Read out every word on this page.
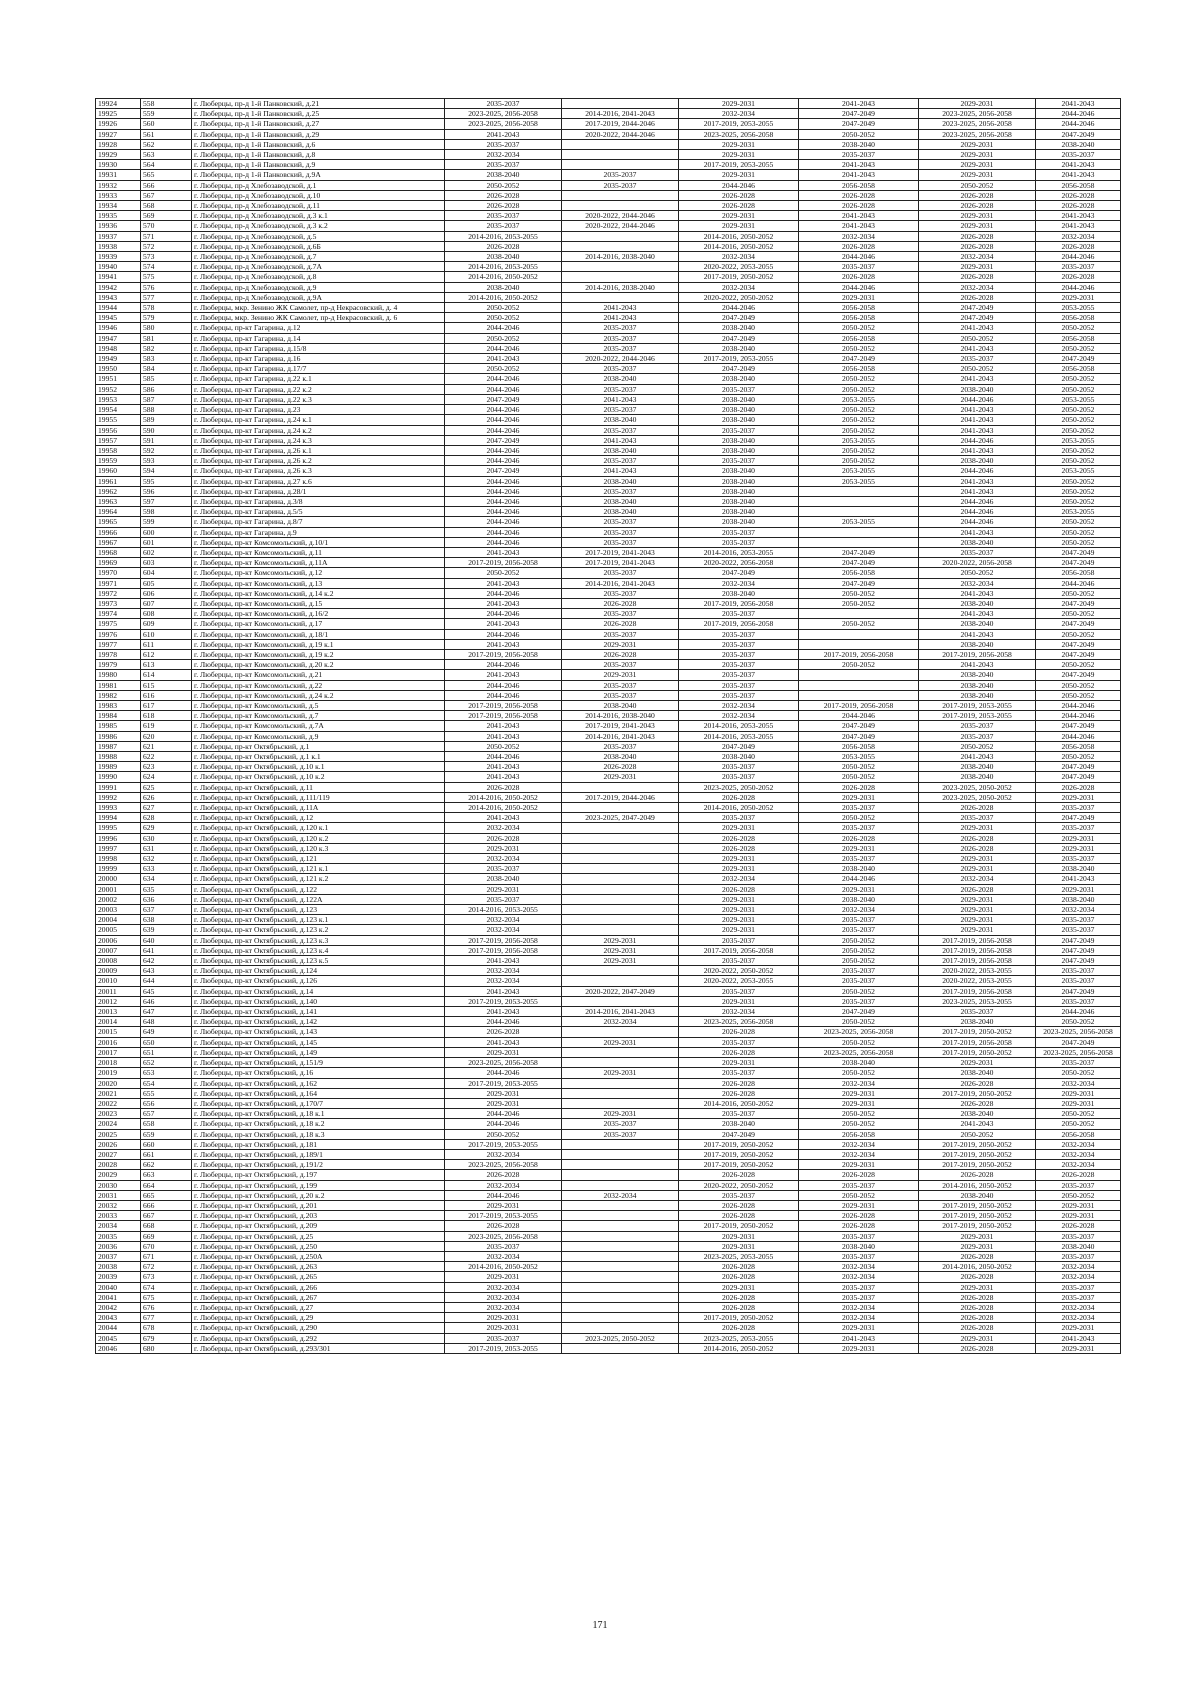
19924	558	г. Люберцы, пр-д 1-й Панковский, д.21	2035-2037		2029-2031	2041-2043	2029-2031	2041-2043
19925	559	г. Люберцы, пр-д 1-й Панковский, д.25	2023-2025, 2056-2058	2014-2016, 2041-2043	2032-2034	2047-2049	2023-2025, 2056-2058	2044-2046
19926	560	г. Люберцы, пр-д 1-й Панковский, д.27	2023-2025, 2056-2058	2017-2019, 2044-2046	2017-2019, 2053-2055	2047-2049	2023-2025, 2056-2058	2044-2046
19927	561	г. Люберцы, пр-д 1-й Панковский, д.29	2041-2043	2020-2022, 2044-2046	2023-2025, 2056-2058	2050-2052	2023-2025, 2056-2058	2047-2049
19928	562	г. Люберцы, пр-д 1-й Панковский, д.6	2035-2037		2029-2031	2038-2040	2029-2031	2038-2040
19929	563	г. Люберцы, пр-д 1-й Панковский, д.8	2032-2034		2029-2031	2035-2037	2029-2031	2035-2037
19930	564	г. Люберцы, пр-д 1-й Панковский, д.9	2035-2037		2017-2019, 2053-2055	2041-2043	2029-2031	2041-2043
19931	565	г. Люберцы, пр-д 1-й Панковский, д.9А	2038-2040	2035-2037	2029-2031	2041-2043	2029-2031	2041-2043
19932	566	г. Люберцы, пр-д Хлебозаводской, д.1	2050-2052	2035-2037	2044-2046	2056-2058	2050-2052	2056-2058
19933	567	г. Люберцы, пр-д Хлебозаводской, д.10	2026-2028		2026-2028	2026-2028	2026-2028	2026-2028
19934	568	г. Люберцы, пр-д Хлебозаводской, д.11	2026-2028		2026-2028	2026-2028	2026-2028	2026-2028
19935	569	г. Люберцы, пр-д Хлебозаводской, д.3 к.1	2035-2037	2020-2022, 2044-2046	2029-2031	2041-2043	2029-2031	2041-2043
19936	570	г. Люберцы, пр-д Хлебозаводской, д.3 к.2	2035-2037	2020-2022, 2044-2046	2029-2031	2041-2043	2029-2031	2041-2043
19937	571	г. Люберцы, пр-д Хлебозаводской, д.5	2014-2016, 2053-2055		2014-2016, 2050-2052	2032-2034	2026-2028	2032-2034
19938	572	г. Люберцы, пр-д Хлебозаводской, д.6Б	2026-2028		2014-2016, 2050-2052	2026-2028	2026-2028	2026-2028
19939	573	г. Люберцы, пр-д Хлебозаводской, д.7	2038-2040	2014-2016, 2038-2040	2032-2034	2044-2046	2032-2034	2044-2046
19940	574	г. Люберцы, пр-д Хлебозаводской, д.7А	2014-2016, 2053-2055		2020-2022, 2053-2055	2035-2037	2029-2031	2035-2037
19941	575	г. Люберцы, пр-д Хлебозаводской, д.8	2014-2016, 2050-2052		2017-2019, 2050-2052	2026-2028	2026-2028	2026-2028
19942	576	г. Люберцы, пр-д Хлебозаводской, д.9	2038-2040	2014-2016, 2038-2040	2032-2034	2044-2046	2032-2034	2044-2046
19943	577	г. Люберцы, пр-д Хлебозаводской, д.9А	2014-2016, 2050-2052		2020-2022, 2050-2052	2029-2031	2026-2028	2029-2031
19944	578	г. Люберцы, мкр. Зенино ЖК Самолет, пр-д Некрасовский, д. 4	2050-2052	2041-2043	2044-2046	2056-2058	2047-2049	2053-2055
19945	579	г. Люберцы, мкр. Зенино ЖК Самолет, пр-д Некрасовский, д. 6	2050-2052	2041-2043	2047-2049	2056-2058	2047-2049	2056-2058
19946	580	г. Люберцы, пр-кт Гагарина, д.12	2044-2046	2035-2037	2038-2040	2050-2052	2041-2043	2050-2052
19947	581	г. Люберцы, пр-кт Гагарина, д.14	2050-2052	2035-2037	2047-2049	2056-2058	2050-2052	2056-2058
19948	582	г. Люберцы, пр-кт Гагарина, д.15/8	2044-2046	2035-2037	2038-2040	2050-2052	2041-2043	2050-2052
19949	583	г. Люберцы, пр-кт Гагарина, д.16	2041-2043	2020-2022, 2044-2046	2017-2019, 2053-2055	2047-2049	2035-2037	2047-2049
19950	584	г. Люберцы, пр-кт Гагарина, д.17/7	2050-2052	2035-2037	2047-2049	2056-2058	2050-2052	2056-2058
19951	585	г. Люберцы, пр-кт Гагарина, д.22 к.1	2044-2046	2038-2040	2038-2040	2050-2052	2041-2043	2050-2052
19952	586	г. Люберцы, пр-кт Гагарина, д.22 к.2	2044-2046	2035-2037	2035-2037	2050-2052	2038-2040	2050-2052
19953	587	г. Люберцы, пр-кт Гагарина, д.22 к.3	2047-2049	2041-2043	2038-2040	2053-2055	2044-2046	2053-2055
19954	588	г. Люберцы, пр-кт Гагарина, д.23	2044-2046	2035-2037	2038-2040	2050-2052	2041-2043	2050-2052
19955	589	г. Люберцы, пр-кт Гагарина, д.24 к.1	2044-2046	2038-2040	2038-2040	2050-2052	2041-2043	2050-2052
19956	590	г. Люберцы, пр-кт Гагарина, д.24 к.2	2044-2046	2035-2037	2035-2037	2050-2052	2041-2043	2050-2052
19957	591	г. Люберцы, пр-кт Гагарина, д.24 к.3	2047-2049	2041-2043	2038-2040	2053-2055	2044-2046	2053-2055
19958	592	г. Люберцы, пр-кт Гагарина, д.26 к.1	2044-2046	2038-2040	2038-2040	2050-2052	2041-2043	2050-2052
19959	593	г. Люберцы, пр-кт Гагарина, д.26 к.2	2044-2046	2035-2037	2035-2037	2050-2052	2038-2040	2050-2052
19960	594	г. Люберцы, пр-кт Гагарина, д.26 к.3	2047-2049	2041-2043	2038-2040	2053-2055	2044-2046	2053-2055
19961	595	г. Люберцы, пр-кт Гагарина, д.27 к.6	2044-2046	2038-2040	2038-2040	2053-2055	2041-2043	2050-2052
19962	596	г. Люберцы, пр-кт Гагарина, д.28/1	2044-2046	2035-2037	2038-2040		2041-2043	2050-2052
19963	597	г. Люберцы, пр-кт Гагарина, д.3/8	2044-2046	2038-2040	2038-2040		2044-2046	2050-2052
19964	598	г. Люберцы, пр-кт Гагарина, д.5/5	2044-2046	2038-2040	2038-2040		2044-2046	2053-2055
19965	599	г. Люберцы, пр-кт Гагарина, д.8/7	2044-2046	2035-2037	2038-2040	2053-2055	2044-2046	2050-2052
19966	600	г. Люберцы, пр-кт Гагарина, д.9	2044-2046	2035-2037	2035-2037		2041-2043	2050-2052
19967	601	г. Люберцы, пр-кт Комсомольский, д.10/1	2044-2046	2035-2037	2035-2037		2038-2040	2050-2052
19968	602	г. Люберцы, пр-кт Комсомольский, д.11	2041-2043	2017-2019, 2041-2043	2014-2016, 2053-2055	2047-2049	2035-2037	2047-2049
19969	603	г. Люберцы, пр-кт Комсомольский, д.11А	2017-2019, 2056-2058	2017-2019, 2041-2043	2020-2022, 2056-2058	2047-2049	2020-2022, 2056-2058	2047-2049
19970	604	г. Люберцы, пр-кт Комсомольский, д.12	2050-2052	2035-2037	2047-2049	2056-2058	2050-2052	2056-2058
19971	605	г. Люберцы, пр-кт Комсомольский, д.13	2041-2043	2014-2016, 2041-2043	2032-2034	2047-2049	2032-2034	2044-2046
19972	606	г. Люберцы, пр-кт Комсомольский, д.14 к.2	2044-2046	2035-2037	2038-2040	2050-2052	2041-2043	2050-2052
19973	607	г. Люберцы, пр-кт Комсомольский, д.15	2041-2043	2026-2028	2017-2019, 2056-2058	2050-2052	2038-2040	2047-2049
19974	608	г. Люберцы, пр-кт Комсомольский, д.16/2	2044-2046	2035-2037	2035-2037		2041-2043	2050-2052
19975	609	г. Люберцы, пр-кт Комсомольский, д.17	2041-2043	2026-2028	2017-2019, 2056-2058	2050-2052	2038-2040	2047-2049
19976	610	г. Люберцы, пр-кт Комсомольский, д.18/1	2044-2046	2035-2037	2035-2037		2041-2043	2050-2052
19977	611	г. Люберцы, пр-кт Комсомольский, д.19 к.1	2041-2043	2029-2031	2035-2037		2038-2040	2047-2049
19978	612	г. Люберцы, пр-кт Комсомольский, д.19 к.2	2017-2019, 2056-2058	2026-2028	2035-2037	2017-2019, 2056-2058	2017-2019, 2056-2058	2047-2049
19979	613	г. Люберцы, пр-кт Комсомольский, д.20 к.2	2044-2046	2035-2037	2035-2037	2050-2052	2041-2043	2050-2052
19980	614	г. Люберцы, пр-кт Комсомольский, д.21	2041-2043	2029-2031	2035-2037		2038-2040	2047-2049
19981	615	г. Люберцы, пр-кт Комсомольский, д.22	2044-2046	2035-2037	2035-2037		2038-2040	2050-2052
19982	616	г. Люберцы, пр-кт Комсомольский, д.24 к.2	2044-2046	2035-2037	2035-2037		2038-2040	2050-2052
19983	617	г. Люберцы, пр-кт Комсомольский, д.5	2017-2019, 2056-2058	2038-2040	2032-2034	2017-2019, 2056-2058	2017-2019, 2053-2055	2044-2046
19984	618	г. Люберцы, пр-кт Комсомольский, д.7	2017-2019, 2056-2058	2014-2016, 2038-2040	2032-2034	2044-2046	2017-2019, 2053-2055	2044-2046
19985	619	г. Люберцы, пр-кт Комсомольский, д.7А	2041-2043	2017-2019, 2041-2043	2014-2016, 2053-2055	2047-2049	2035-2037	2047-2049
19986	620	г. Люберцы, пр-кт Комсомольский, д.9	2041-2043	2014-2016, 2041-2043	2014-2016, 2053-2055	2047-2049	2035-2037	2044-2046
19987	621	г. Люберцы, пр-кт Октябрьский, д.1	2050-2052	2035-2037	2047-2049	2056-2058	2050-2052	2056-2058
19988	622	г. Люберцы, пр-кт Октябрьский, д.1 к.1	2044-2046	2038-2040	2038-2040	2053-2055	2041-2043	2050-2052
19989	623	г. Люберцы, пр-кт Октябрьский, д.10 к.1	2041-2043	2026-2028	2035-2037	2050-2052	2038-2040	2047-2049
19990	624	г. Люберцы, пр-кт Октябрьский, д.10 к.2	2041-2043	2029-2031	2035-2037	2050-2052	2038-2040	2047-2049
19991	625	г. Люберцы, пр-кт Октябрьский, д.11	2026-2028		2023-2025, 2050-2052	2026-2028	2023-2025, 2050-2052	2026-2028
19992	626	г. Люберцы, пр-кт Октябрьский, д.111/119	2014-2016, 2050-2052	2017-2019, 2044-2046	2026-2028	2029-2031	2023-2025, 2050-2052	2029-2031
19993	627	г. Люберцы, пр-кт Октябрьский, д.11А	2014-2016, 2050-2052		2014-2016, 2050-2052	2035-2037	2026-2028	2035-2037
19994	628	г. Люберцы, пр-кт Октябрьский, д.12	2041-2043	2023-2025, 2047-2049	2035-2037	2050-2052	2035-2037	2047-2049
19995	629	г. Люберцы, пр-кт Октябрьский, д.120 к.1	2032-2034		2029-2031	2035-2037	2029-2031	2035-2037
19996	630	г. Люберцы, пр-кт Октябрьский, д.120 к.2	2026-2028		2026-2028	2026-2028	2026-2028	2029-2031
19997	631	г. Люберцы, пр-кт Октябрьский, д.120 к.3	2029-2031		2026-2028	2029-2031	2026-2028	2029-2031
19998	632	г. Люберцы, пр-кт Октябрьский, д.121	2032-2034		2029-2031	2035-2037	2029-2031	2035-2037
19999	633	г. Люберцы, пр-кт Октябрьский, д.121 к.1	2035-2037		2029-2031	2038-2040	2029-2031	2038-2040
20000	634	г. Люберцы, пр-кт Октябрьский, д.121 к.2	2038-2040		2032-2034	2044-2046	2032-2034	2041-2043
20001	635	г. Люберцы, пр-кт Октябрьский, д.122	2029-2031		2026-2028	2029-2031	2026-2028	2029-2031
20002	636	г. Люберцы, пр-кт Октябрьский, д.122А	2035-2037		2029-2031	2038-2040	2029-2031	2038-2040
20003	637	г. Люберцы, пр-кт Октябрьский, д.123	2014-2016, 2053-2055		2029-2031	2032-2034	2029-2031	2032-2034
20004	638	г. Люберцы, пр-кт Октябрьский, д.123 к.1	2032-2034		2029-2031	2035-2037	2029-2031	2035-2037
20005	639	г. Люберцы, пр-кт Октябрьский, д.123 к.2	2032-2034		2029-2031	2035-2037	2029-2031	2035-2037
20006	640	г. Люберцы, пр-кт Октябрьский, д.123 к.3	2017-2019, 2056-2058	2029-2031	2035-2037	2050-2052	2017-2019, 2056-2058	2047-2049
20007	641	г. Люберцы, пр-кт Октябрьский, д.123 к.4	2017-2019, 2056-2058	2029-2031	2017-2019, 2056-2058	2050-2052	2017-2019, 2056-2058	2047-2049
20008	642	г. Люберцы, пр-кт Октябрьский, д.123 к.5	2041-2043	2029-2031	2035-2037	2050-2052	2017-2019, 2056-2058	2047-2049
20009	643	г. Люберцы, пр-кт Октябрьский, д.124	2032-2034		2020-2022, 2050-2052	2035-2037	2020-2022, 2053-2055	2035-2037
20010	644	г. Люберцы, пр-кт Октябрьский, д.126	2032-2034		2020-2022, 2053-2055	2035-2037	2020-2022, 2053-2055	2035-2037
20011	645	г. Люберцы, пр-кт Октябрьский, д.14	2041-2043	2020-2022, 2047-2049	2035-2037	2050-2052	2017-2019, 2056-2058	2047-2049
20012	646	г. Люберцы, пр-кт Октябрьский, д.140	2017-2019, 2053-2055		2029-2031	2035-2037	2023-2025, 2053-2055	2035-2037
20013	647	г. Люберцы, пр-кт Октябрьский, д.141	2041-2043	2014-2016, 2041-2043	2032-2034	2047-2049	2035-2037	2044-2046
20014	648	г. Люберцы, пр-кт Октябрьский, д.142	2044-2046	2032-2034	2023-2025, 2056-2058	2050-2052	2038-2040	2050-2052
20015	649	г. Люберцы, пр-кт Октябрьский, д.143	2026-2028		2026-2028	2023-2025, 2056-2058	2017-2019, 2050-2052	2023-2025, 2056-2058
20016	650	г. Люберцы, пр-кт Октябрьский, д.145	2041-2043	2029-2031	2035-2037	2050-2052	2017-2019, 2056-2058	2047-2049
20017	651	г. Люберцы, пр-кт Октябрьский, д.149	2029-2031		2026-2028	2023-2025, 2056-2058	2017-2019, 2050-2052	2023-2025, 2056-2058
20018	652	г. Люберцы, пр-кт Октябрьский, д.151/9	2023-2025, 2056-2058		2029-2031	2038-2040	2029-2031	2035-2037
20019	653	г. Люберцы, пр-кт Октябрьский, д.16	2044-2046	2029-2031	2035-2037	2050-2052	2038-2040	2050-2052
20020	654	г. Люберцы, пр-кт Октябрьский, д.162	2017-2019, 2053-2055		2026-2028	2032-2034	2026-2028	2032-2034
20021	655	г. Люберцы, пр-кт Октябрьский, д.164	2029-2031		2026-2028	2029-2031	2017-2019, 2050-2052	2029-2031
20022	656	г. Люберцы, пр-кт Октябрьский, д.170/7	2029-2031		2014-2016, 2050-2052	2029-2031	2026-2028	2029-2031
20023	657	г. Люберцы, пр-кт Октябрьский, д.18 к.1	2044-2046	2029-2031	2035-2037	2050-2052	2038-2040	2050-2052
20024	658	г. Люберцы, пр-кт Октябрьский, д.18 к.2	2044-2046	2035-2037	2038-2040	2050-2052	2041-2043	2050-2052
20025	659	г. Люберцы, пр-кт Октябрьский, д.18 к.3	2050-2052	2035-2037	2047-2049	2056-2058	2050-2052	2056-2058
20026	660	г. Люберцы, пр-кт Октябрьский, д.181	2017-2019, 2053-2055		2017-2019, 2050-2052	2032-2034	2017-2019, 2050-2052	2032-2034
20027	661	г. Люберцы, пр-кт Октябрьский, д.189/1	2032-2034		2017-2019, 2050-2052	2032-2034	2017-2019, 2050-2052	2032-2034
20028	662	г. Люберцы, пр-кт Октябрьский, д.191/2	2023-2025, 2056-2058		2017-2019, 2050-2052	2029-2031	2017-2019, 2050-2052	2032-2034
20029	663	г. Люберцы, пр-кт Октябрьский, д.197	2026-2028		2026-2028	2026-2028	2026-2028	2026-2028
20030	664	г. Люберцы, пр-кт Октябрьский, д.199	2032-2034		2020-2022, 2050-2052	2035-2037	2014-2016, 2050-2052	2035-2037
20031	665	г. Люберцы, пр-кт Октябрьский, д.20 к.2	2044-2046	2032-2034	2035-2037	2050-2052	2038-2040	2050-2052
20032	666	г. Люберцы, пр-кт Октябрьский, д.201	2029-2031		2026-2028	2029-2031	2017-2019, 2050-2052	2029-2031
20033	667	г. Люберцы, пр-кт Октябрьский, д.203	2017-2019, 2053-2055		2026-2028	2026-2028	2017-2019, 2050-2052	2029-2031
20034	668	г. Люберцы, пр-кт Октябрьский, д.209	2026-2028		2017-2019, 2050-2052	2026-2028	2017-2019, 2050-2052	2026-2028
20035	669	г. Люберцы, пр-кт Октябрьский, д.25	2023-2025, 2056-2058		2029-2031	2035-2037	2029-2031	2035-2037
20036	670	г. Люберцы, пр-кт Октябрьский, д.250	2035-2037		2029-2031	2038-2040	2029-2031	2038-2040
20037	671	г. Люберцы, пр-кт Октябрьский, д.250А	2032-2034		2023-2025, 2053-2055	2035-2037	2026-2028	2035-2037
20038	672	г. Люберцы, пр-кт Октябрьский, д.263	2014-2016, 2050-2052		2026-2028	2032-2034	2014-2016, 2050-2052	2032-2034
20039	673	г. Люберцы, пр-кт Октябрьский, д.265	2029-2031		2026-2028	2032-2034	2026-2028	2032-2034
20040	674	г. Люберцы, пр-кт Октябрьский, д.266	2032-2034		2029-2031	2035-2037	2029-2031	2035-2037
20041	675	г. Люберцы, пр-кт Октябрьский, д.267	2032-2034		2026-2028	2035-2037	2026-2028	2035-2037
20042	676	г. Люберцы, пр-кт Октябрьский, д.27	2032-2034		2026-2028	2032-2034	2026-2028	2032-2034
20043	677	г. Люберцы, пр-кт Октябрьский, д.29	2029-2031		2017-2019, 2050-2052	2032-2034	2026-2028	2032-2034
20044	678	г. Люберцы, пр-кт Октябрьский, д.290	2029-2031		2026-2028	2029-2031	2026-2028	2029-2031
20045	679	г. Люберцы, пр-кт Октябрьский, д.292	2035-2037	2023-2025, 2050-2052	2023-2025, 2053-2055	2041-2043	2029-2031	2041-2043
20046	680	г. Люберцы, пр-кт Октябрьский, д.293/301	2017-2019, 2053-2055		2014-2016, 2050-2052	2029-2031	2026-2028	2029-2031
171
